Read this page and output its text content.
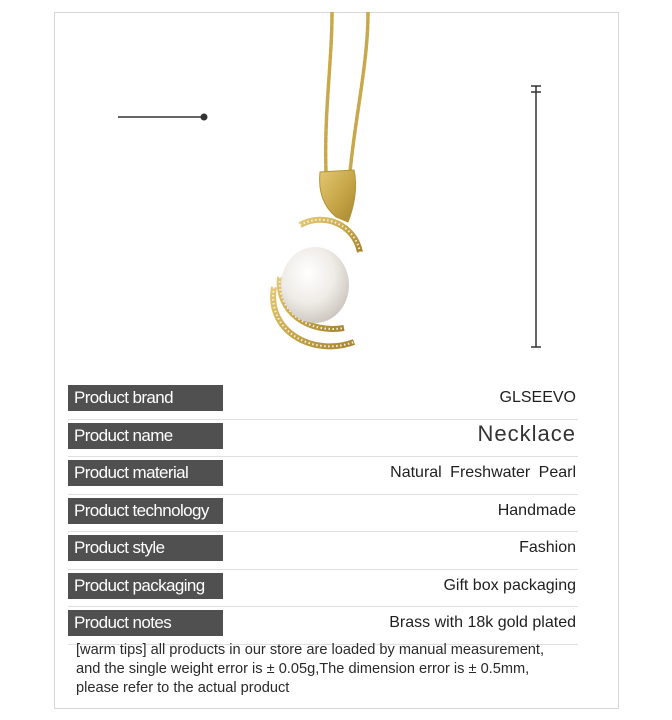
Product brand	GLSEEVO
Product name	Necklace
Product material	Natural Freshwater Pearl
Product technology	Handmade
Product style	Fashion
Product packaging	Gift box packaging
Product notes	Brass with 18k gold plated
[warm tips] all products in our store are loaded by manual measurement,
and the single weight error is ± 0.05g,The dimension error is ± 0.5mm,
please refer to the actual product
